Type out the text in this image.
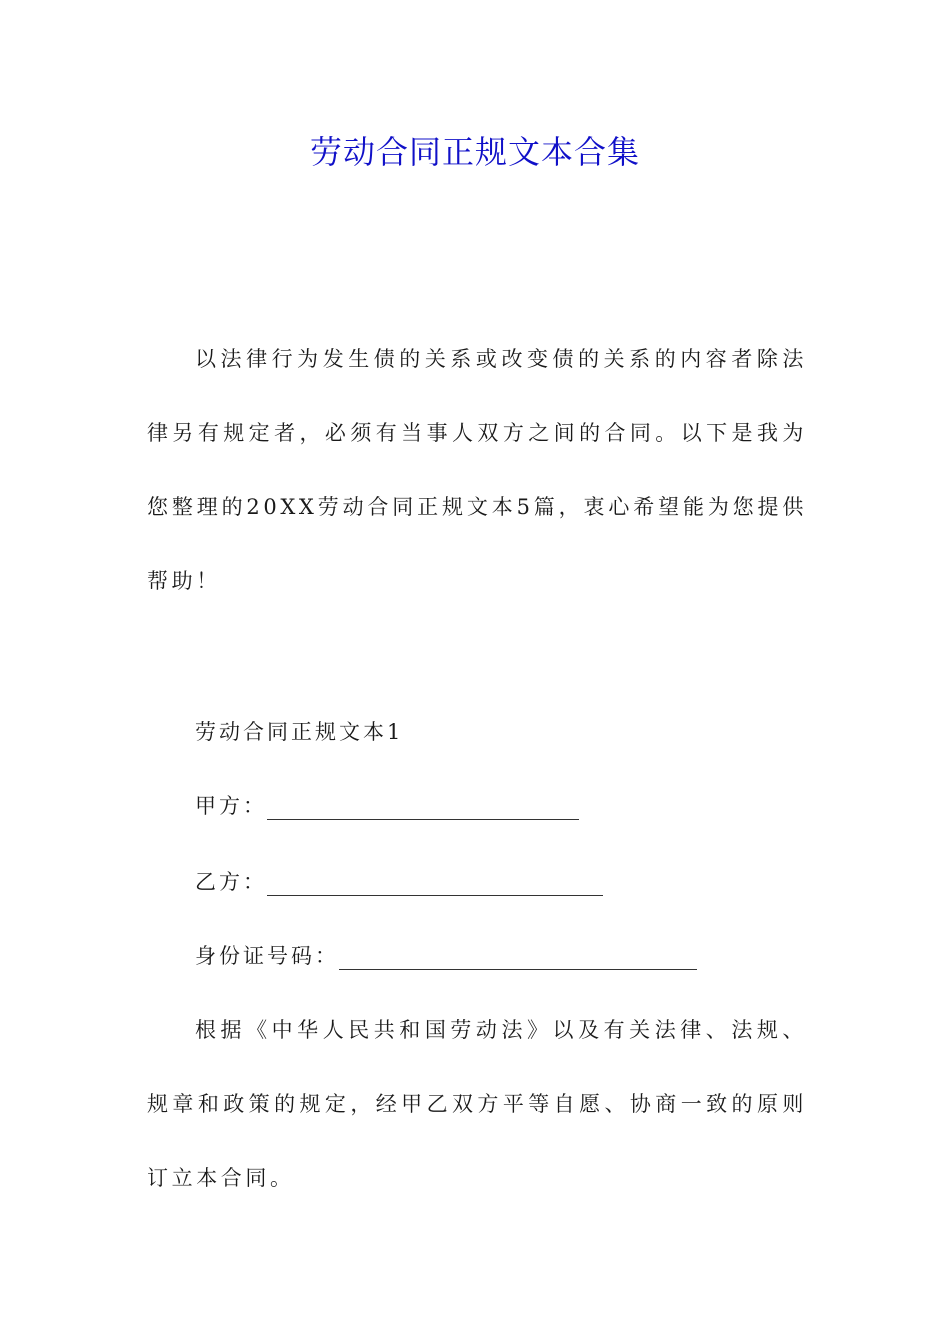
劳动合同正规文本合集

以法律行为发生债的关系或改变债的关系的内容者除法律另有规定者，必须有当事人双方之间的合同。以下是我为您整理的20XX劳动合同正规文本5篇，衷心希望能为您提供帮助！

劳动合同正规文本1

甲方：

乙方：

身份证号码：

根据《中华人民共和国劳动法》以及有关法律、法规、规章和政策的规定，经甲乙双方平等自愿、协商一致的原则订立本合同。
